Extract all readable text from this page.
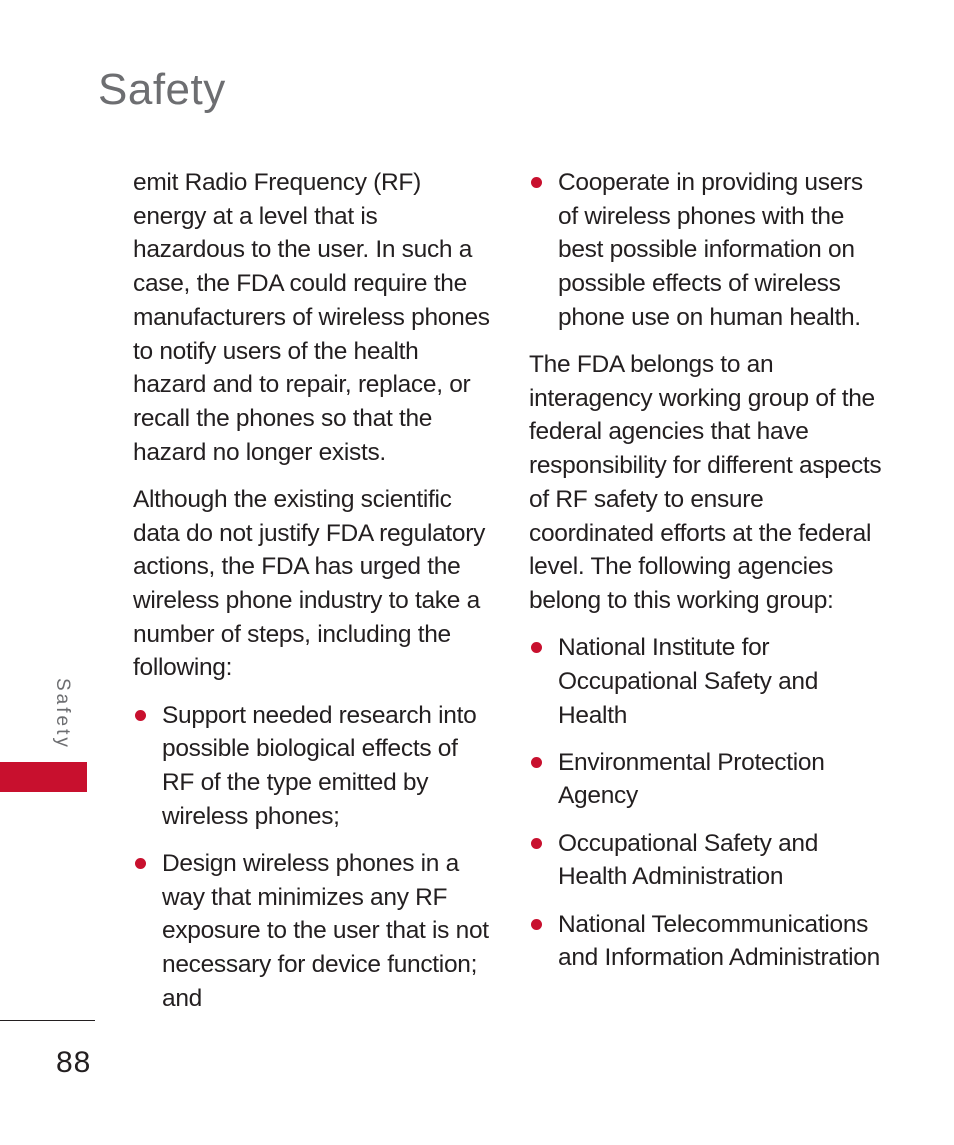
Safety
Safety

emit Radio Frequency (RF) energy at a level that is hazardous to the user. In such a case, the FDA could require the manufacturers of wireless phones to notify users of the health hazard and to repair, replace, or recall the phones so that the hazard no longer exists.

Although the existing scientific data do not justify FDA regulatory actions, the FDA has urged the wireless phone industry to take a number of steps, including the following:

Support needed research into possible biological effects of RF of the type emitted by wireless phones;
Design wireless phones in a way that minimizes any RF exposure to the user that is not necessary for device function; and
Cooperate in providing users of wireless phones with the best possible information on possible effects of wireless phone use on human health.

The FDA belongs to an interagency working group of the federal agencies that have responsibility for different aspects of RF safety to ensure coordinated efforts at the federal level. The following agencies belong to this working group:

National Institute for Occupational Safety and Health
Environmental Protection Agency
Occupational Safety and Health Administration
National Telecommunications and Information Administration
88
